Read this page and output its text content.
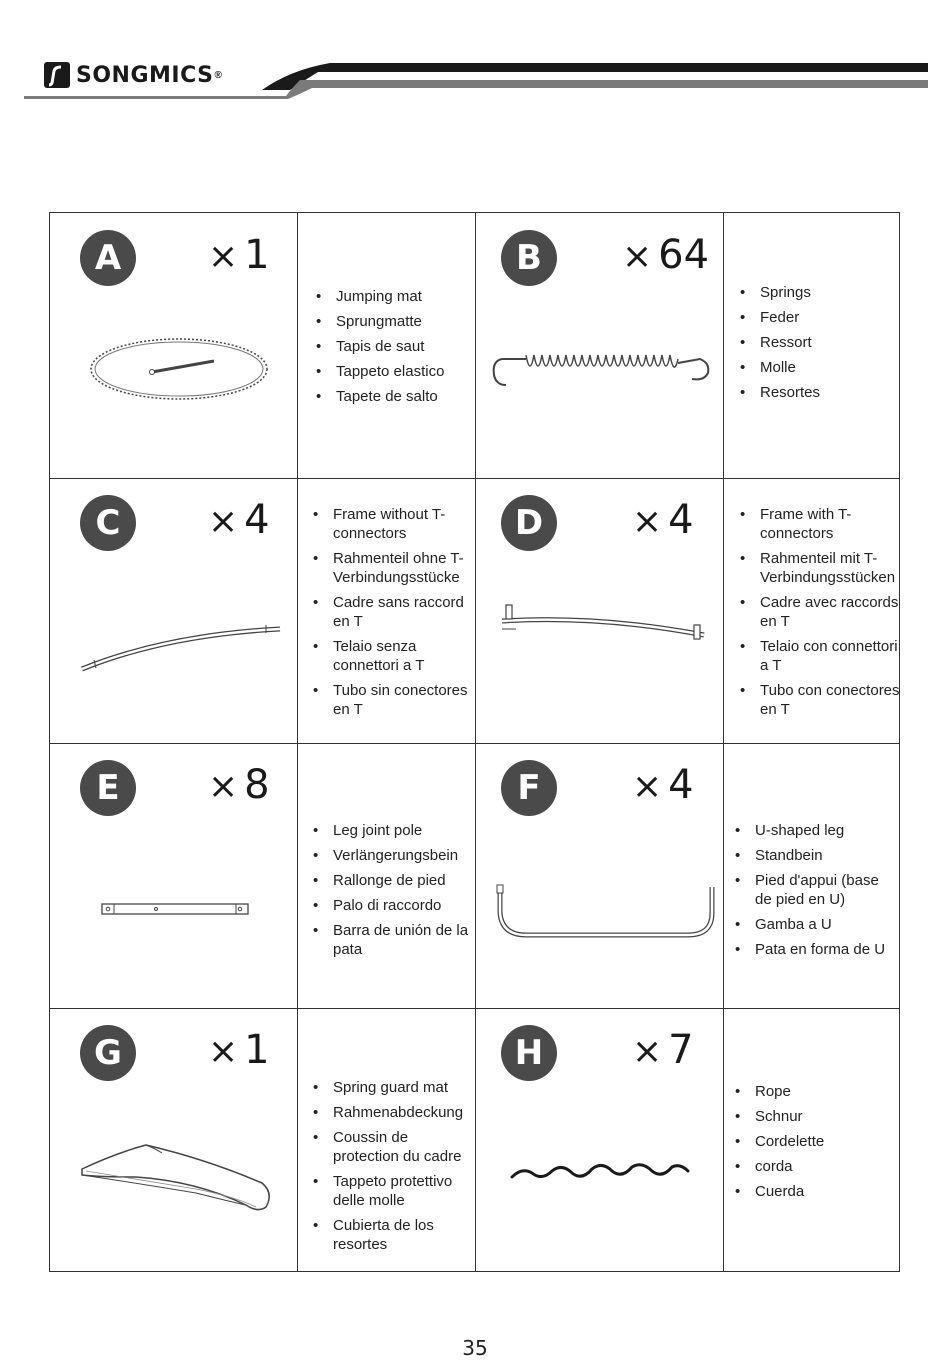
SONGMICS ®
A	× 1
• Jumping mat
• Sprungmatte
• Tapis de saut
• Tappeto elastico
• Tapete de salto
B	× 64
• Springs
• Feder
• Ressort
• Molle
• Resortes
C	× 4	• Frame without T-connectors
• Rahmenteil ohne T-Verbindungsstücke
• Cadre sans raccord en T
• Telaio senza connettori a T
• Tubo sin conectores en T
D	× 4	• Frame with T-connectors
• Rahmenteil mit T-Verbindungsstücken
• Cadre avec raccords en T
• Telaio con connettori a T
• Tubo con conectores en T
E	× 8
• Leg joint pole
• Verlängerungsbein
• Rallonge de pied
• Palo di raccordo
• Barra de unión de la pata
F	× 4
• U-shaped leg
• Standbein
• Pied d'appui (base de pied en U)
• Gamba a U
• Pata en forma de U
G	× 1
• Spring guard mat
• Rahmenabdeckung
• Coussin de protection du cadre
• Tappeto protettivo delle molle
• Cubierta de los resortes
H	× 7
• Rope
• Schnur
• Cordelette
• corda
• Cuerda
35
